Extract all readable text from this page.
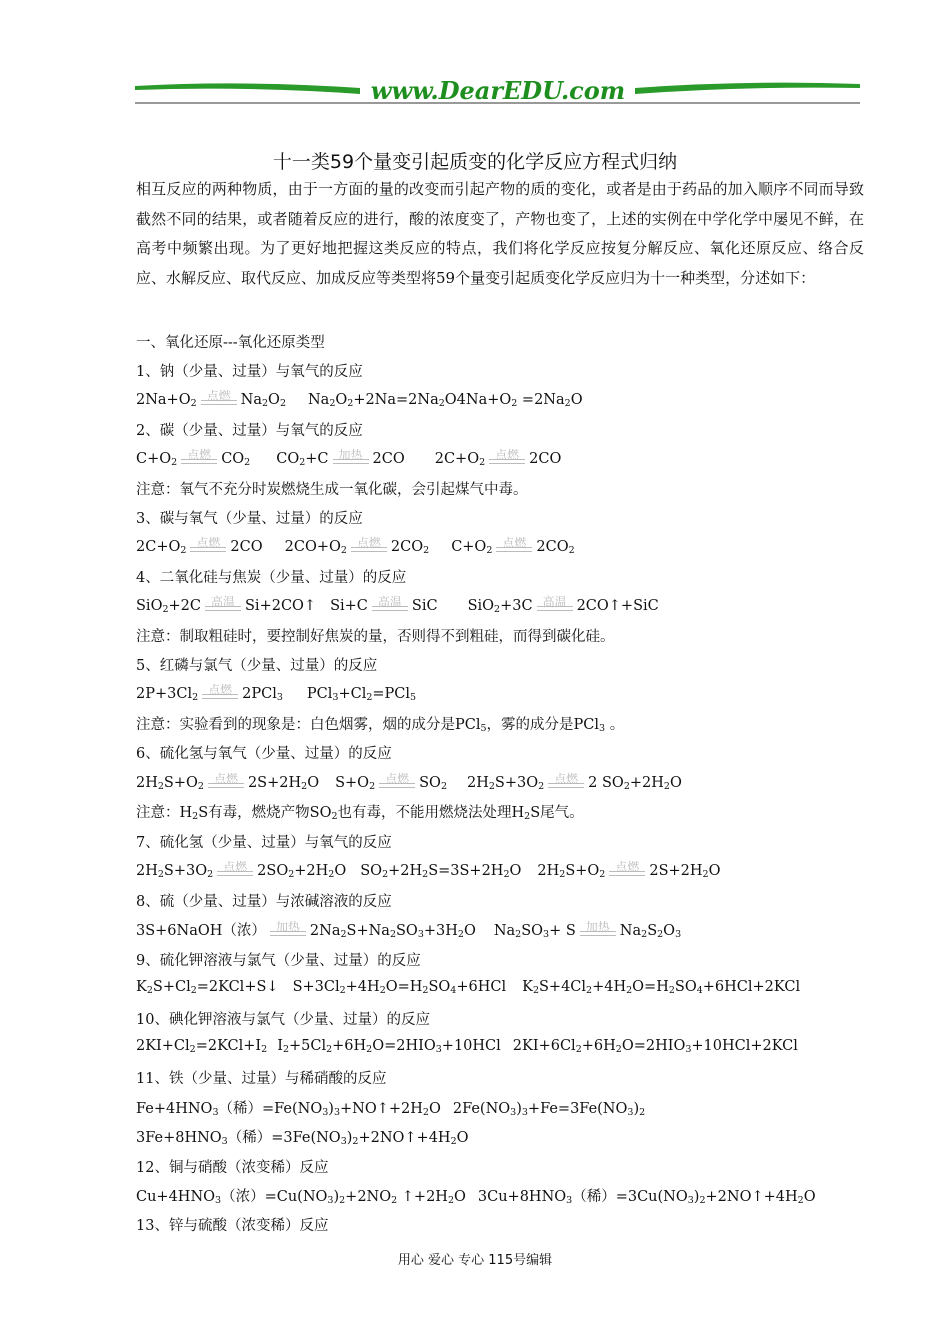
www.DearEDU.com
十一类59个量变引起质变的化学反应方程式归纳
相互反应的两种物质，由于一方面的量的改变而引起产物的质的变化，或者是由于药品的加入顺序不同而导致截然不同的结果，或者随着反应的进行，酸的浓度变了，产物也变了，上述的实例在中学化学中屡见不鲜，在高考中频繁出现。为了更好地把握这类反应的特点，我们将化学反应按复分解反应、氧化还原反应、络合反应、水解反应、取代反应、加成反应等类型将59个量变引起质变化学反应归为十一种类型，分述如下：
一、氧化还原---氧化还原类型
1、钠（少量、过量）与氧气的反应
$2Na+O_2$
点燃 $Na_2O_2$ $Na_2O_2+2Na=2Na_2O4Na+O_2 =2Na_2O$
2、碳（少量、过量）与氧气的反应
$C+O_2$
点燃 $CO_2$ $CO_2+C$ 加热 2CO $2C+O_2$
点燃 2CO
注意：氧气不充分时炭燃烧生成一氧化碳，会引起煤气中毒。
3、碳与氧气（少量、过量）的反应
$2C+O_2$
点燃 2CO $2CO+O_2$
点燃 $2CO_2$ $C+O_2$
点燃 $2CO_2$
4、二氧化硅与焦炭（少量、过量）的反应
SiO$_2$+2C 高温 Si+2CO↑ Si+C 高温 SiC SiO$_2$+3C 高温 2CO↑+SiC
注意：制取粗硅时，要控制好焦炭的量，否则得不到粗硅，而得到碳化硅。
5、红磷与氯气（少量、过量）的反应
$2P+3Cl_2$
点燃 2PCl$_3$ $PCl_3+Cl_2=PCl_5$
注意：实验看到的现象是：白色烟雾，烟的成分是PCl$_5$，雾的成分是PCl$_3$ 。
6、硫化氢与氧气（少量、过量）的反应
$2H_2S+O_2$
点燃 $2S+2H_2O$ $S+O_2$
点燃 $SO_2$ $2H_2S+3O_2$
点燃 2 $SO_2+2H_2O$
注意：$H_2S$有毒，燃烧产物$SO_2$也有毒，不能用燃烧法处理$H_2S$尾气。
7、硫化氢（少量、过量）与氧气的反应
$2H_2S+3O_2$
点燃 $2SO_2+2H_2O$ $SO_2+2H_2S=3S+2H_2O$ $2H_2S+O_2$
点燃 $2S+2H_2O$
8、硫（少量、过量）与浓碱溶液的反应
3S+6NaOH（浓） 加热 $2Na_2S+Na_2SO_3+3H_2O$ $Na_2SO_3+ S$ 加热 $Na_2S_2O_3$
9、硫化钾溶液与氯气（少量、过量）的反应
$K_2S+Cl_2=2KCl+S↓$ $S+3Cl_2+4H_2O=H_2SO_4+6HCl$ $K_2S+4Cl_2+4H_2O=H_2SO_4+6HCl+2KCl$
10、碘化钾溶液与氯气（少量、过量）的反应
$2KI+Cl_2=2KCl+I_2$ $I_2+5Cl_2+6H_2O=2HIO_3+10HCl$ $2KI+6Cl_2+6H_2O=2HIO_3+10HCl+2KCl$
11、铁（少量、过量）与稀硝酸的反应
$Fe+4HNO_3$（稀）$=Fe(NO_3)_3+NO↑+2H_2O$ $2Fe(NO_3)_3+Fe=3Fe(NO_3)_2$
$3Fe+8HNO_3$（稀）$=3Fe(NO_3)_2+2NO↑+4H_2O$
12、铜与硝酸（浓变稀）反应
$Cu+4HNO_3$（浓）$=Cu(NO_3)_2+2NO_2$ $↑+2H_2O$ $3Cu+8HNO_3$（稀）$=3Cu(NO_3)_2+2NO↑+4H_2O$
13、锌与硫酸（浓变稀）反应
用心 爱心 专心 115号编辑
